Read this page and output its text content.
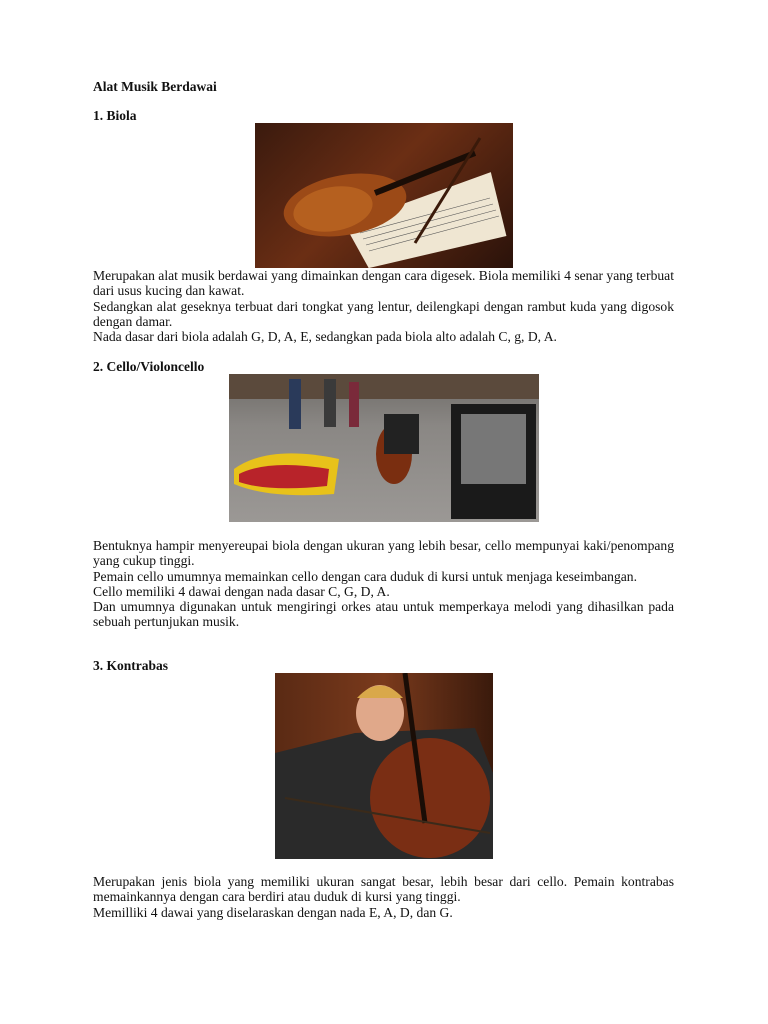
Alat Musik Berdawai
1. Biola
Merupakan alat musik berdawai yang dimainkan dengan cara digesek. Biola memiliki 4 senar yang terbuat dari usus kucing dan kawat.
Sedangkan alat geseknya terbuat dari tongkat yang lentur, deilengkapi dengan rambut kuda yang digosok dengan damar.
Nada dasar dari biola adalah G, D, A, E, sedangkan pada biola alto adalah C, g, D, A.
2. Cello/Violoncello
Bentuknya hampir menyereupai biola dengan ukuran yang lebih besar, cello mempunyai kaki/penompang yang cukup tinggi.
Pemain cello umumnya memainkan cello dengan cara duduk di kursi untuk menjaga keseimbangan.
Cello memiliki 4 dawai dengan nada dasar C, G, D, A.
Dan umumnya digunakan untuk mengiringi orkes atau untuk memperkaya melodi yang dihasilkan pada sebuah pertunjukan musik.
3. Kontrabas
Merupakan jenis biola yang memiliki ukuran sangat besar, lebih besar dari cello. Pemain kontrabas memainkannya dengan cara berdiri atau duduk di kursi yang tinggi.
Memilliki 4 dawai yang diselaraskan dengan nada E, A, D, dan G.
